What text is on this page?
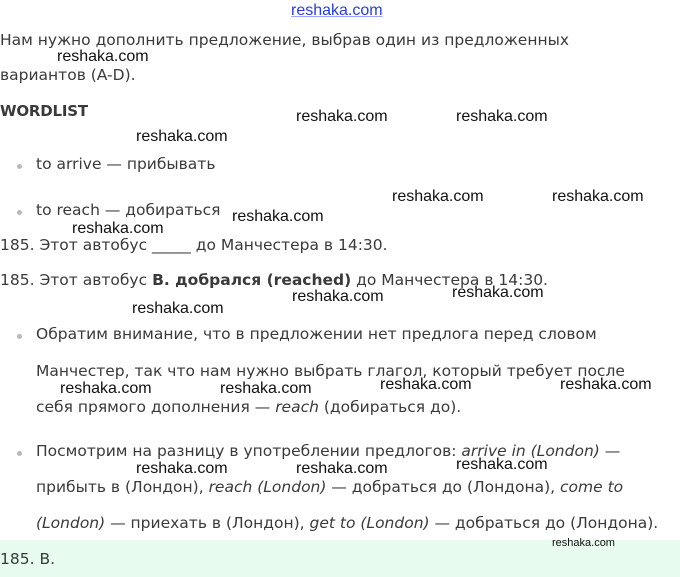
reshaka.com
Нам нужно дополнить предложение, выбрав один из предложенных
reshaka.com
вариантов (A-D).
WORDLIST	reshaka.com	reshaka.com
reshaka.com
to arrive — прибывать
reshaka.com	reshaka.com
to reach — добираться reshaka.com
reshaka.com
185. Этот автобус _____ до Манчестера в 14:30.
185. Этот автобус B. добрался (reached) до Манчестера в 14:30.
reshaka.com
reshaka.com
reshaka.com
Обратим внимание, что в предложении нет предлога перед словом
Манчестер, так что нам нужно выбрать глагол, который требует после
reshaka.com	reshaka.com
reshaka.com	reshaka.com
себя прямого дополнения — reach (добираться до).
Посмотрим на разницу в употреблении предлогов: arrive in (London) —
reshaka.com
reshaka.com	reshaka.com
прибыть в (Лондон), reach (London) — добраться до (Лондона), come to
(London) — приехать в (Лондон), get to (London) — добраться до (Лондона).
reshaka.com
185. B.
